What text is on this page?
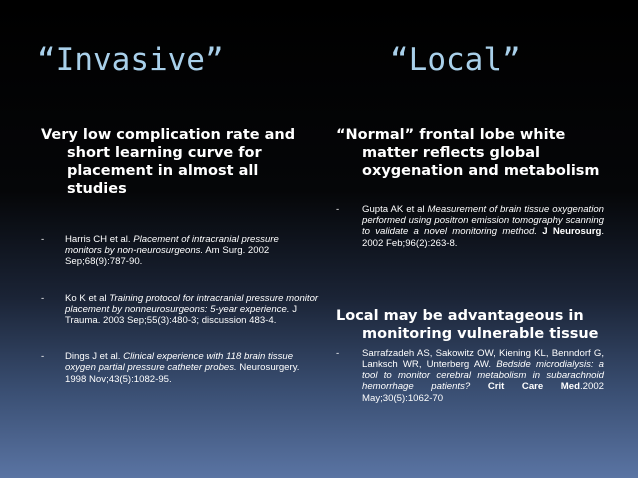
“Invasive”	“Local”

Very low complication rate and short learning curve for placement in almost all studies

- Harris CH et al. Placement of intracranial pressure monitors by non-neurosurgeons. Am Surg. 2002 Sep;68(9):787-90.

- Ko K et al Training protocol for intracranial pressure monitor placement by nonneurosurgeons: 5-year experience. J Trauma. 2003 Sep;55(3):480-3; discussion 483-4.

- Dings J et al. Clinical experience with 118 brain tissue oxygen partial pressure catheter probes. Neurosurgery. 1998 Nov;43(5):1082-95.

“Normal” frontal lobe white matter reflects global oxygenation and metabolism

- Gupta AK et al Measurement of brain tissue oxygenation performed using positron emission tomography scanning to validate a novel monitoring method. J Neurosurg. 2002 Feb;96(2):263-8.

Local may be advantageous in monitoring vulnerable tissue

- Sarrafzadeh AS, Sakowitz OW, Kiening KL, Benndorf G, Lanksch WR, Unterberg AW. Bedside microdialysis: a tool to monitor cerebral metabolism in subarachnoid hemorrhage patients? Crit Care Med.2002 May;30(5):1062-70
